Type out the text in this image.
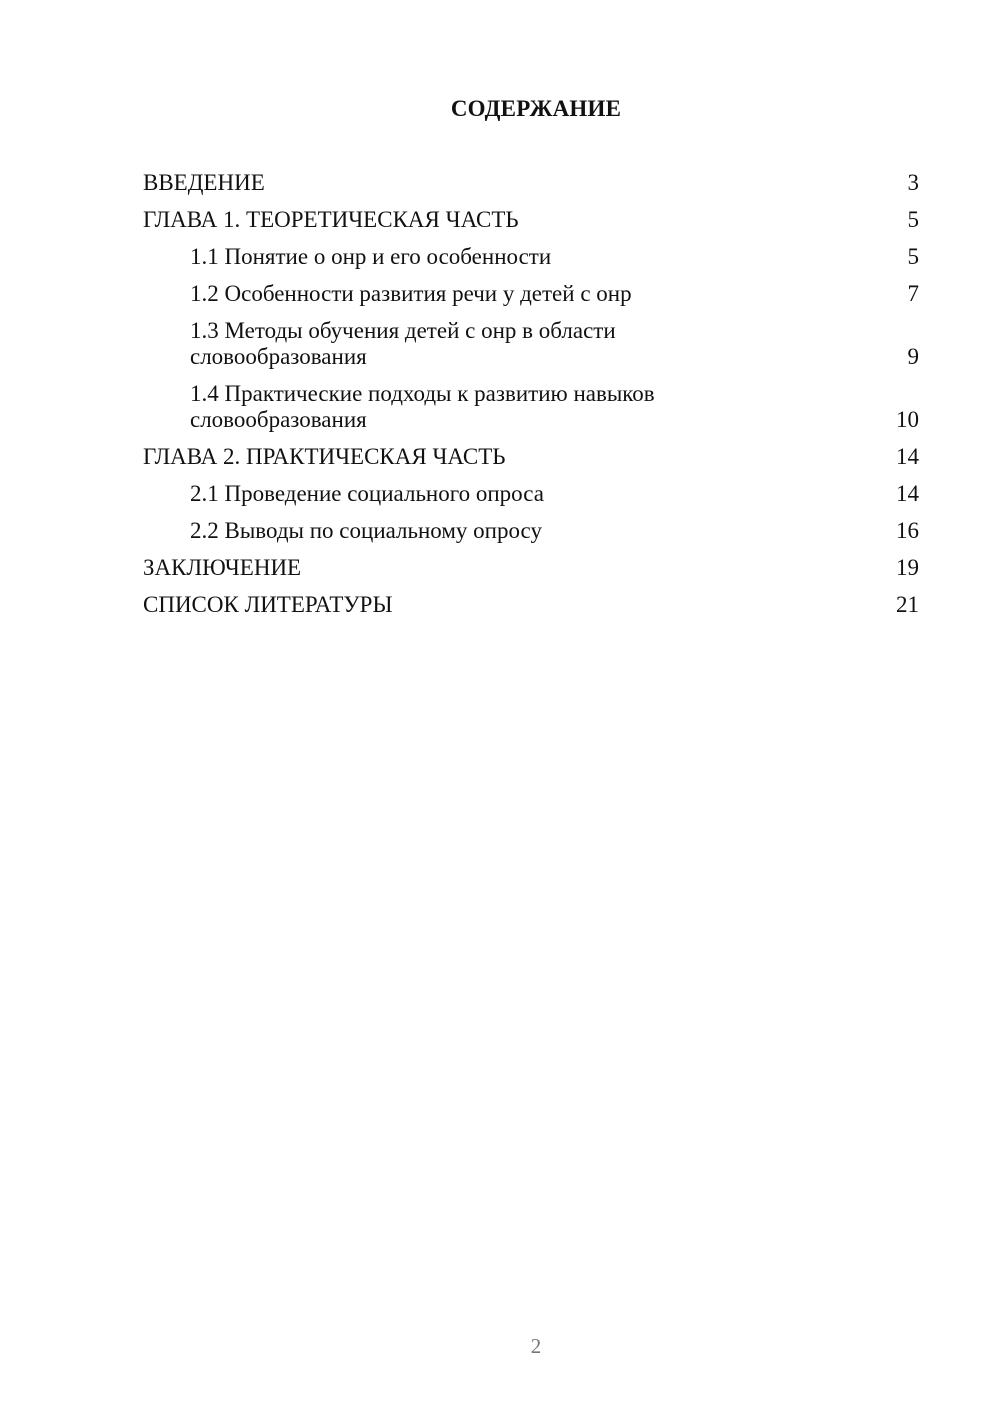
СОДЕРЖАНИЕ
ВВЕДЕНИЕ	3
ГЛАВА 1. ТЕОРЕТИЧЕСКАЯ ЧАСТЬ	5
1.1 Понятие о онр и его особенности	5
1.2 Особенности развития речи у детей с онр	7
1.3 Методы обучения детей с онр в области
словообразования	9
1.4 Практические подходы к развитию навыков
словообразования	10
ГЛАВА 2. ПРАКТИЧЕСКАЯ ЧАСТЬ	14
2.1 Проведение социального опроса	14
2.2 Выводы по социальному опросу	16
ЗАКЛЮЧЕНИЕ	19
СПИСОК ЛИТЕРАТУРЫ	21
2
